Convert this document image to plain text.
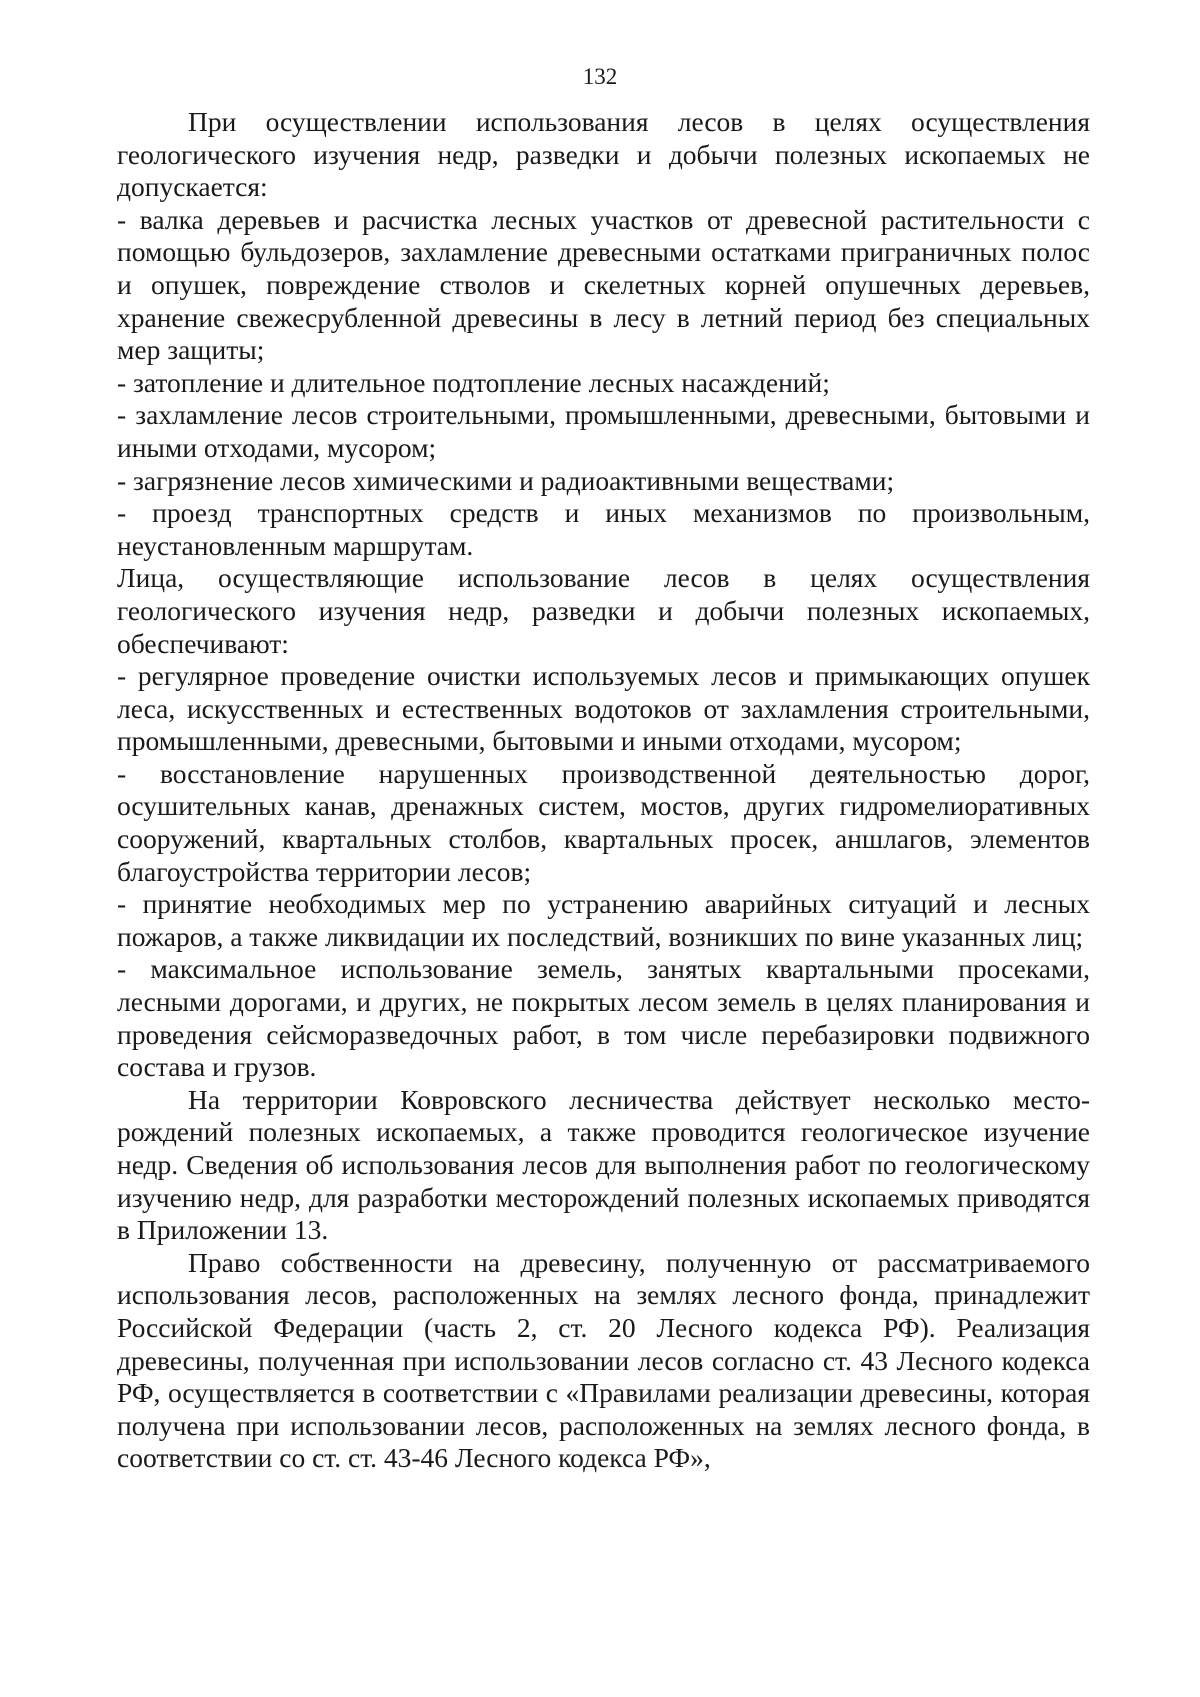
132

При осуществлении использования лесов в целях осуществления геологического изучения недр, разведки и добычи полезных ископаемых не допускается:

- валка деревьев и расчистка лесных участков от древесной растительности с помощью бульдозеров, захламление древесными остатками приграничных полос и опушек, повреждение стволов и скелетных корней опушечных деревьев, хранение свежесрубленной древесины в лесу в летний период без специальных мер защиты;

- затопление и длительное подтопление лесных насаждений;

- захламление лесов строительными, промышленными, древесными, бытовыми и иными отходами, мусором;

- загрязнение лесов химическими и радиоактивными веществами;

- проезд транспортных средств и иных механизмов по произвольным, неустановленным маршрутам.

Лица, осуществляющие использование лесов в целях осуществления геологического изучения недр, разведки и добычи полезных ископаемых, обеспечивают:

- регулярное проведение очистки используемых лесов и примыкающих опушек леса, искусственных и естественных водотоков от захламления строительными, промышленными, древесными, бытовыми и иными отходами, мусором;

- восстановление нарушенных производственной деятельностью дорог, осушительных канав, дренажных систем, мостов, других гидромелиоративных сооружений, квартальных столбов, квартальных просек, аншлагов, элементов благоустройства территории лесов;

- принятие необходимых мер по устранению аварийных ситуаций и лесных пожаров, а также ликвидации их последствий, возникших по вине указанных лиц;

- максимальное использование земель, занятых квартальными просеками, лесными дорогами, и других, не покрытых лесом земель в целях планирования и проведения сейсморазведочных работ, в том числе перебазировки подвижного состава и грузов.

На территории Ковровского лесничества действует несколько место-рождений полезных ископаемых, а также проводится геологическое изучение недр. Сведения об использования лесов для выполнения работ по геологическому изучению недр, для разработки месторождений полезных ископаемых приводятся в Приложении 13.

Право собственности на древесину, полученную от рассматриваемого использования лесов, расположенных на землях лесного фонда, принадлежит Российской Федерации (часть 2, ст. 20 Лесного кодекса РФ). Реализация древесины, полученная при использовании лесов согласно ст. 43 Лесного кодекса РФ, осуществляется в соответствии с «Правилами реализации древесины, которая получена при использовании лесов, расположенных на землях лесного фонда, в соответствии со ст. ст. 43-46 Лесного кодекса РФ»,
